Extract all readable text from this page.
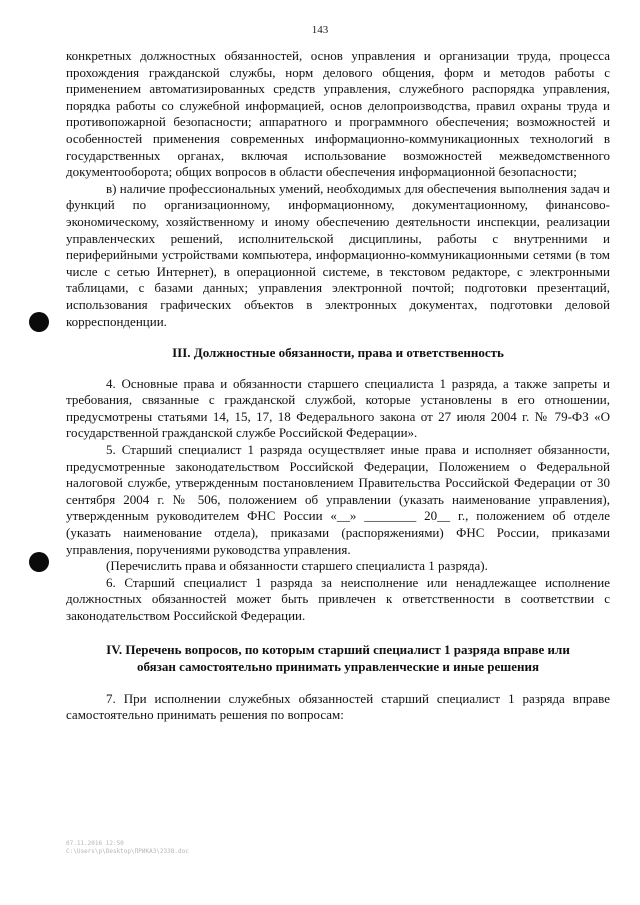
143

конкретных должностных обязанностей, основ управления и организации труда, процесса прохождения гражданской службы, норм делового общения, форм и методов работы с применением автоматизированных средств управления, служебного распорядка управления, порядка работы со служебной информацией, основ делопроизводства, правил охраны труда и противопожарной безопасности; аппаратного и программного обеспечения; возможностей и особенностей применения современных информационно-коммуникационных технологий в государственных органах, включая использование возможностей межведомственного документооборота; общих вопросов в области обеспечения информационной безопасности;

в) наличие профессиональных умений, необходимых для обеспечения выполнения задач и функций по организационному, информационному, документационному, финансово-экономическому, хозяйственному и иному обеспечению деятельности инспекции, реализации управленческих решений, исполнительской дисциплины, работы с внутренними и периферийными устройствами компьютера, информационно-коммуникационными сетями (в том числе с сетью Интернет), в операционной системе, в текстовом редакторе, с электронными таблицами, с базами данных; управления электронной почтой; подготовки презентаций, использования графических объектов в электронных документах, подготовки деловой корреспонденции.

III. Должностные обязанности, права и ответственность

4. Основные права и обязанности старшего специалиста 1 разряда, а также запреты и требования, связанные с гражданской службой, которые установлены в его отношении, предусмотрены статьями 14, 15, 17, 18 Федерального закона от 27 июля 2004 г. № 79-ФЗ «О государственной гражданской службе Российской Федерации».

5. Старший специалист 1 разряда осуществляет иные права и исполняет обязанности, предусмотренные законодательством Российской Федерации, Положением о Федеральной налоговой службе, утвержденным постановлением Правительства Российской Федерации от 30 сентября 2004 г. № 506, положением об управлении (указать наименование управления), утвержденным руководителем ФНС России «__» ________ 20__ г., положением об отделе (указать наименование отдела), приказами (распоряжениями) ФНС России, приказами управления, поручениями руководства управления.

(Перечислить права и обязанности старшего специалиста 1 разряда).

6. Старший специалист 1 разряда за неисполнение или ненадлежащее исполнение должностных обязанностей может быть привлечен к ответственности в соответствии с законодательством Российской Федерации.

IV. Перечень вопросов, по которым старший специалист 1 разряда вправе или
обязан самостоятельно принимать управленческие и иные решения

7. При исполнении служебных обязанностей старший специалист 1 разряда вправе самостоятельно принимать решения по вопросам:

07.11.2016 12:50
С:\Users\p\Desktop\ПРИКАЗ\2338.doc
